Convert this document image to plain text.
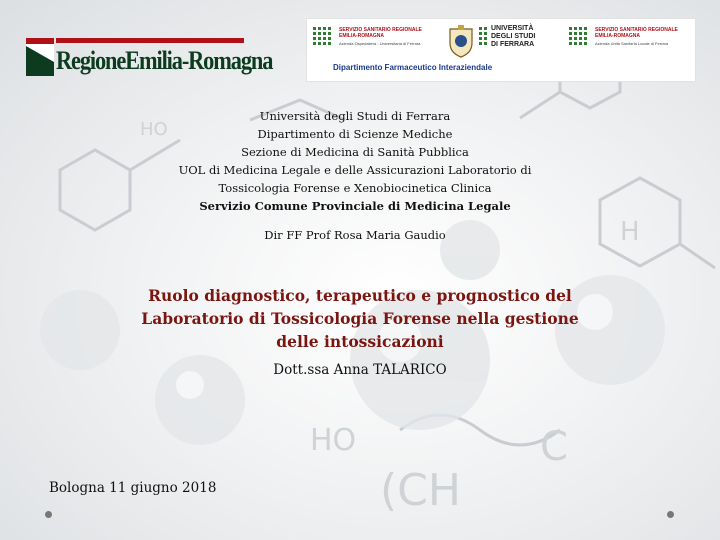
H
HO
(CH
C
HO
RegioneEmilia-Romagna
SERVIZIO SANITARIO REGIONALE
EMILIA-ROMAGNA
Azienda Ospedaliera - Universitaria di Ferrara
UNIVERSITÀ
DEGLI STUDI
DI FERRARA
SERVIZIO SANITARIO REGIONALE
EMILIA-ROMAGNA
Azienda Unità Sanitaria Locale di Ferrara
Dipartimento Farmaceutico Interaziendale
Università degli Studi di Ferrara
Dipartimento di Scienze Mediche
Sezione di Medicina di Sanità Pubblica
UOL di Medicina Legale e delle Assicurazioni Laboratorio di
Tossicologia Forense e Xenobiocinetica Clinica
Servizio Comune Provinciale di Medicina Legale
Dir FF Prof Rosa Maria Gaudio
Ruolo diagnostico, terapeutico e prognostico del
Laboratorio di Tossicologia Forense nella gestione
delle intossicazioni
Dott.ssa Anna TALARICO
Bologna 11 giugno 2018
